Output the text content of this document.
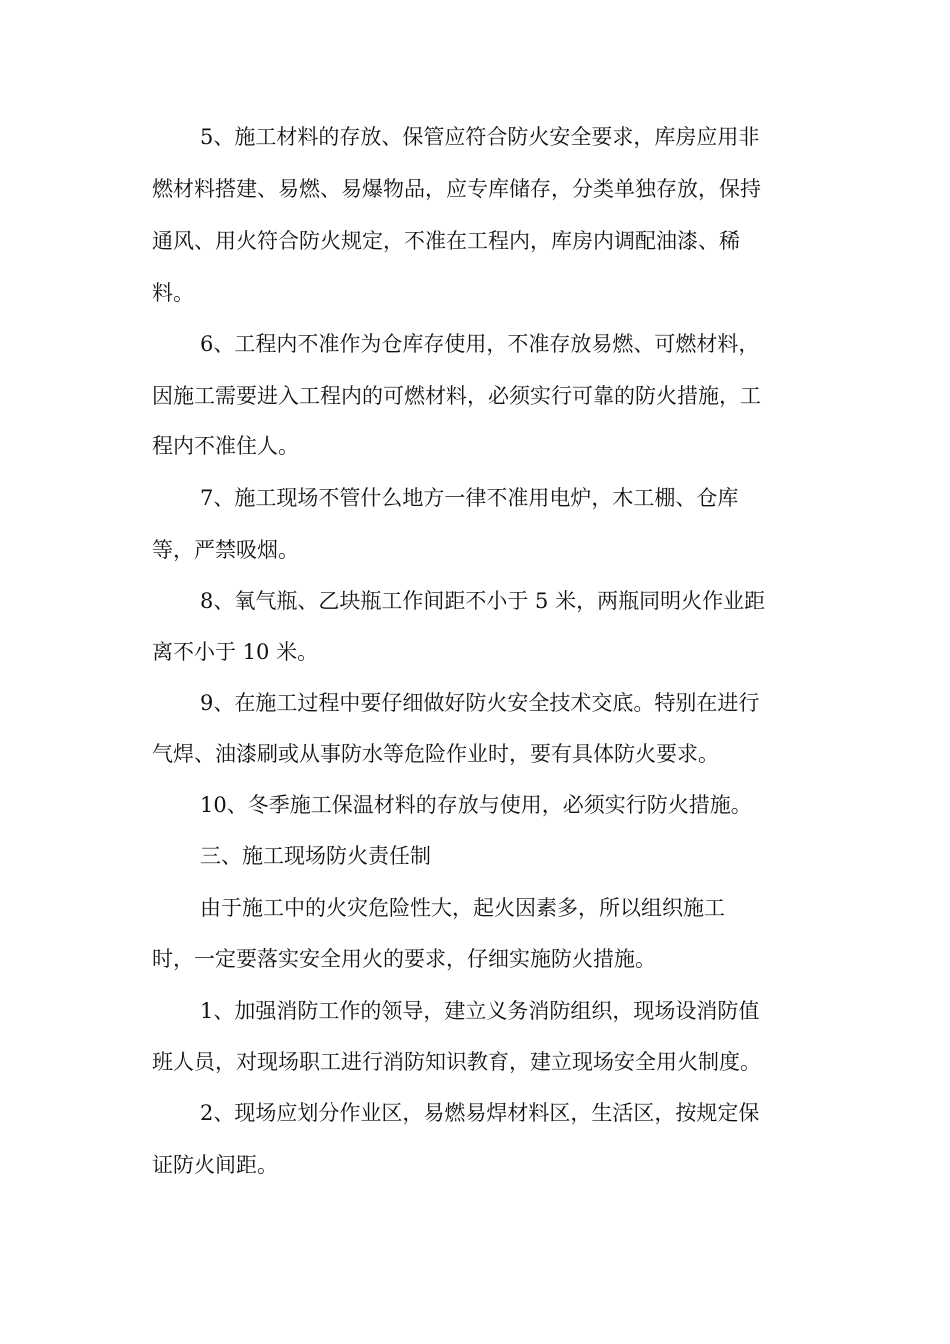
5、施工材料的存放、保管应符合防火安全要求，库房应用非
燃材料搭建、易燃、易爆物品，应专库储存，分类单独存放，保持
通风、用火符合防火规定，不准在工程内，库房内调配油漆、稀
料。
6、工程内不准作为仓库存使用，不准存放易燃、可燃材料，
因施工需要进入工程内的可燃材料，必须实行可靠的防火措施，工
程内不准住人。
7、施工现场不管什么地方一律不准用电炉，木工棚、仓库
等，严禁吸烟。
8、氧气瓶、乙块瓶工作间距不小于 5 米，两瓶同明火作业距
离不小于 10 米。
9、在施工过程中要仔细做好防火安全技术交底。特别在进行
气焊、油漆刷或从事防水等危险作业时，要有具体防火要求。
10、冬季施工保温材料的存放与使用，必须实行防火措施。
三、施工现场防火责任制
由于施工中的火灾危险性大，起火因素多，所以组织施工
时，一定要落实安全用火的要求，仔细实施防火措施。
1、加强消防工作的领导，建立义务消防组织，现场设消防值
班人员，对现场职工进行消防知识教育，建立现场安全用火制度。
2、现场应划分作业区，易燃易焊材料区，生活区，按规定保
证防火间距。
